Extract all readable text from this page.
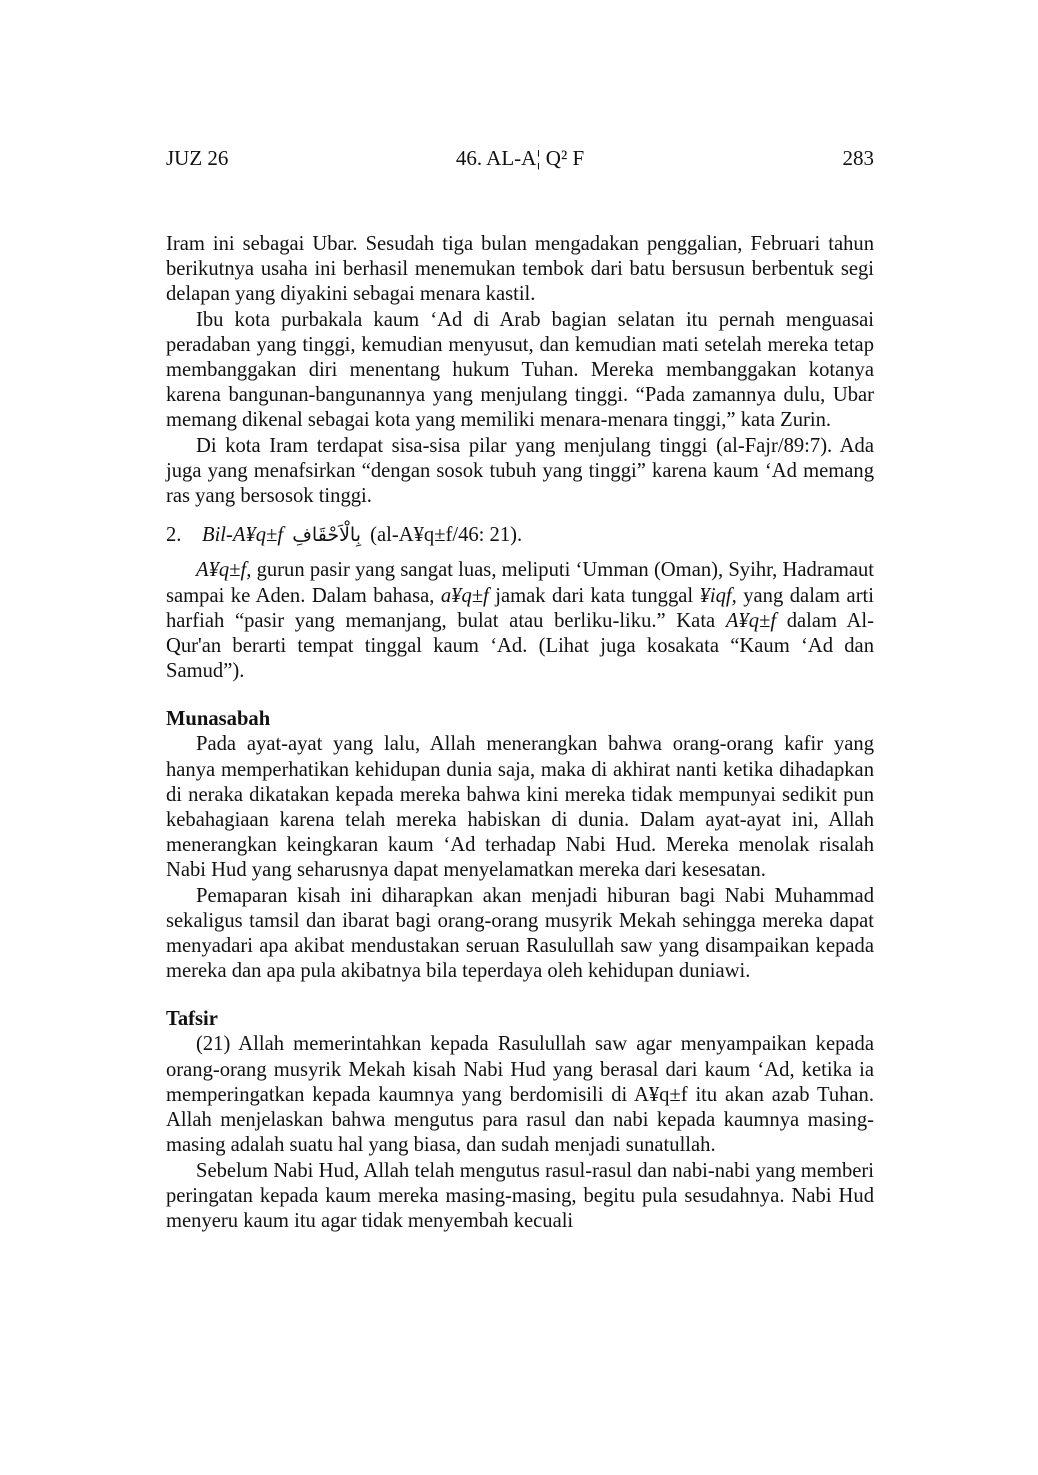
JUZ 26	46. AL-A¦ Q² F	283

Iram ini sebagai Ubar. Sesudah tiga bulan mengadakan penggalian, Februari tahun berikutnya usaha ini berhasil menemukan tembok dari batu bersusun berbentuk segi delapan yang diyakini sebagai menara kastil.

Ibu kota purbakala kaum ‘Ad di Arab bagian selatan itu pernah menguasai peradaban yang tinggi, kemudian menyusut, dan kemudian mati setelah mereka tetap membanggakan diri menentang hukum Tuhan. Mereka membanggakan kotanya karena bangunan-bangunannya yang menjulang tinggi. “Pada zamannya dulu, Ubar memang dikenal sebagai kota yang memiliki menara-menara tinggi,” kata Zurin.

Di kota Iram terdapat sisa-sisa pilar yang menjulang tinggi (al-Fajr/89:7). Ada juga yang menafsirkan “dengan sosok tubuh yang tinggi” karena kaum ‘Ad memang ras yang bersosok tinggi.

2. Bil-A¥q±f بِالْاَحْقَافِ (al-A¥q±f/46: 21).

A¥q±f, gurun pasir yang sangat luas, meliputi ‘Umman (Oman), Syihr, Hadramaut sampai ke Aden. Dalam bahasa, a¥q±f jamak dari kata tunggal ¥iqf, yang dalam arti harfiah “pasir yang memanjang, bulat atau berliku-liku.” Kata A¥q±f dalam Al-Qur'an berarti tempat tinggal kaum ‘Ad. (Lihat juga kosakata “Kaum ‘Ad dan Samud”).

Munasabah

Pada ayat-ayat yang lalu, Allah menerangkan bahwa orang-orang kafir yang hanya memperhatikan kehidupan dunia saja, maka di akhirat nanti ketika dihadapkan di neraka dikatakan kepada mereka bahwa kini mereka tidak mempunyai sedikit pun kebahagiaan karena telah mereka habiskan di dunia. Dalam ayat-ayat ini, Allah menerangkan keingkaran kaum ‘Ad terhadap Nabi Hud. Mereka menolak risalah Nabi Hud yang seharusnya dapat menyelamatkan mereka dari kesesatan.

Pemaparan kisah ini diharapkan akan menjadi hiburan bagi Nabi Muhammad sekaligus tamsil dan ibarat bagi orang-orang musyrik Mekah sehingga mereka dapat menyadari apa akibat mendustakan seruan Rasulullah saw yang disampaikan kepada mereka dan apa pula akibatnya bila teperdaya oleh kehidupan duniawi.

Tafsir

(21) Allah memerintahkan kepada Rasulullah saw agar menyampaikan kepada orang-orang musyrik Mekah kisah Nabi Hud yang berasal dari kaum ‘Ad, ketika ia memperingatkan kepada kaumnya yang berdomisili di A¥q±f itu akan azab Tuhan. Allah menjelaskan bahwa mengutus para rasul dan nabi kepada kaumnya masing-masing adalah suatu hal yang biasa, dan sudah menjadi sunatullah.

Sebelum Nabi Hud, Allah telah mengutus rasul-rasul dan nabi-nabi yang memberi peringatan kepada kaum mereka masing-masing, begitu pula sesudahnya. Nabi Hud menyeru kaum itu agar tidak menyembah kecuali
